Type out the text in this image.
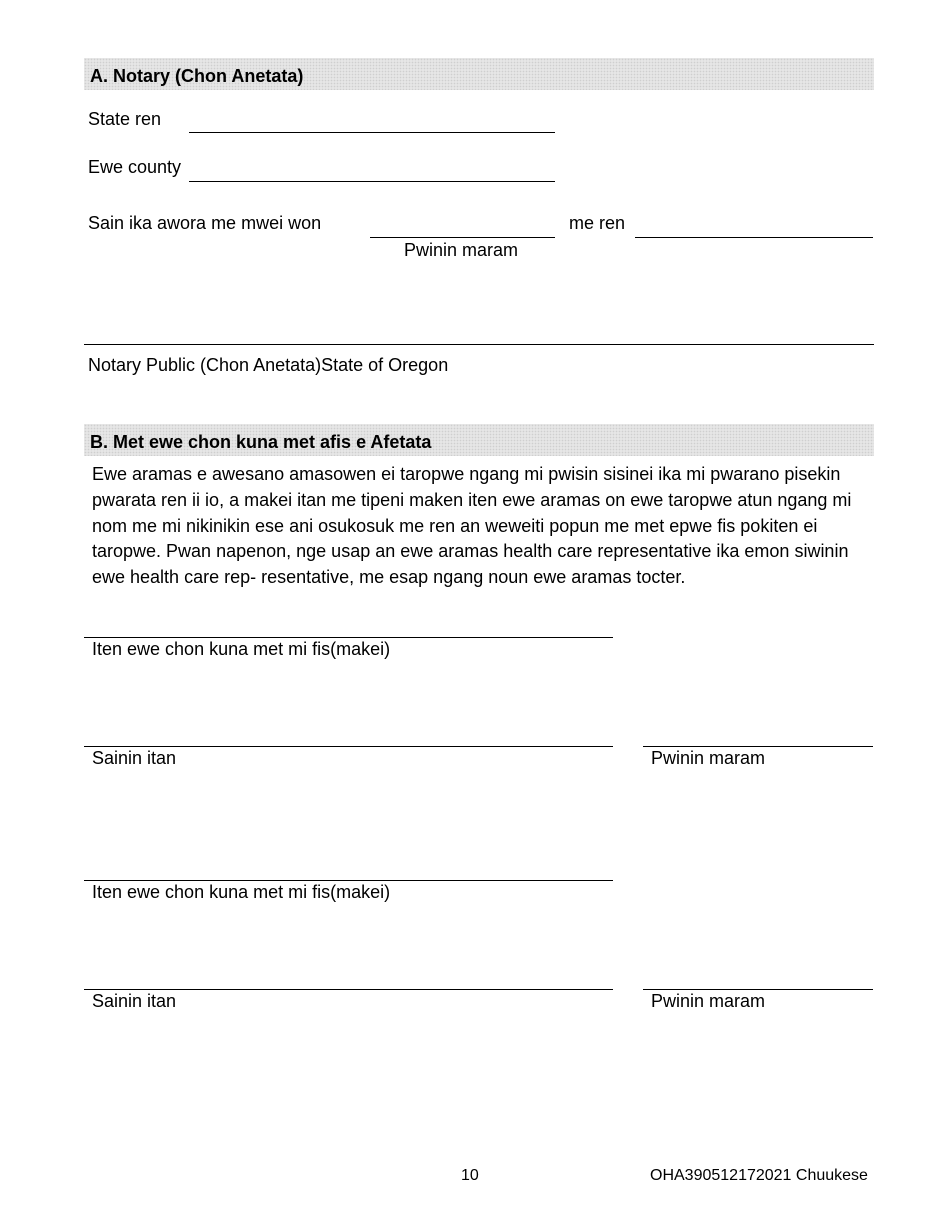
A. Notary (Chon Anetata)
State ren
Ewe county
Sain ika awora me mwei won
Pwinin maram
me ren
Notary Public (Chon Anetata)State of Oregon
B. Met ewe chon kuna met afis e Afetata
Ewe aramas e awesano amasowen ei taropwe ngang mi pwisin sisinei ika mi pwarano pisekin pwarata ren ii io, a makei itan me tipeni maken iten ewe aramas on ewe taropwe atun ngang mi nom me mi nikinikin ese ani osukosuk me ren an weweiti popun me met epwe fis pokiten ei taropwe. Pwan napenon, nge usap an ewe aramas health care representative ika emon siwinin ewe health care rep- resentative, me esap ngang noun ewe aramas tocter.
Iten ewe chon kuna met mi fis(makei)
Sainin itan	Pwinin maram
Iten ewe chon kuna met mi fis(makei)
Sainin itan	Pwinin maram
10	OHA390512172021 Chuukese
